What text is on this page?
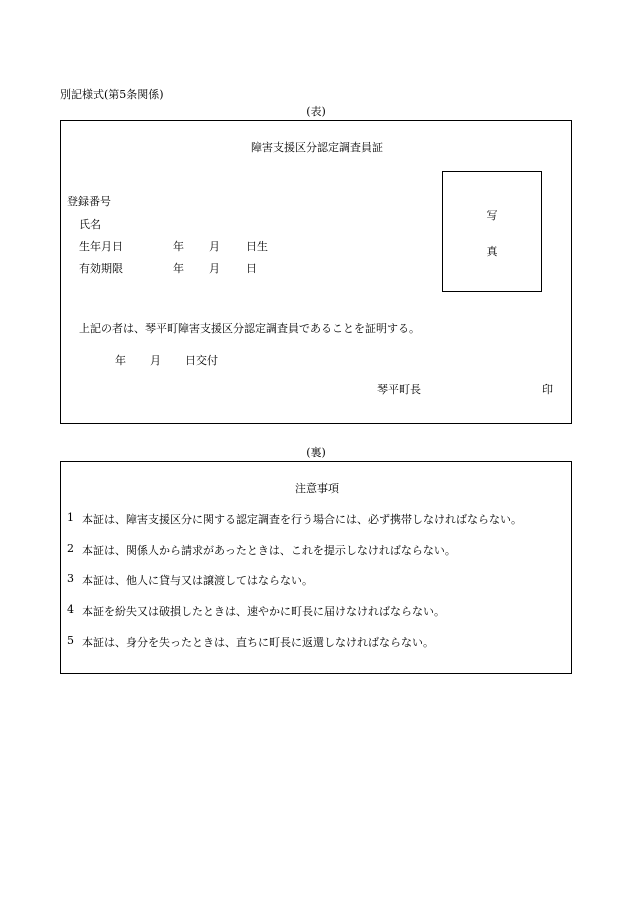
別記様式(第5条関係)
(表)
障害支援区分認定調査員証
登録番号
氏名
生年月日	年 月 日生
有効期限	年 月 日
写
真
上記の者は、琴平町障害支援区分認定調査員であることを証明する。
年 月 日交付
琴平町長	印
(裏)
注意事項
1 本証は、障害支援区分に関する認定調査を行う場合には、必ず携帯しなければならない。
2 本証は、関係人から請求があったときは、これを提示しなければならない。
3 本証は、他人に貸与又は譲渡してはならない。
4 本証を紛失又は破損したときは、速やかに町長に届けなければならない。
5 本証は、身分を失ったときは、直ちに町長に返還しなければならない。
